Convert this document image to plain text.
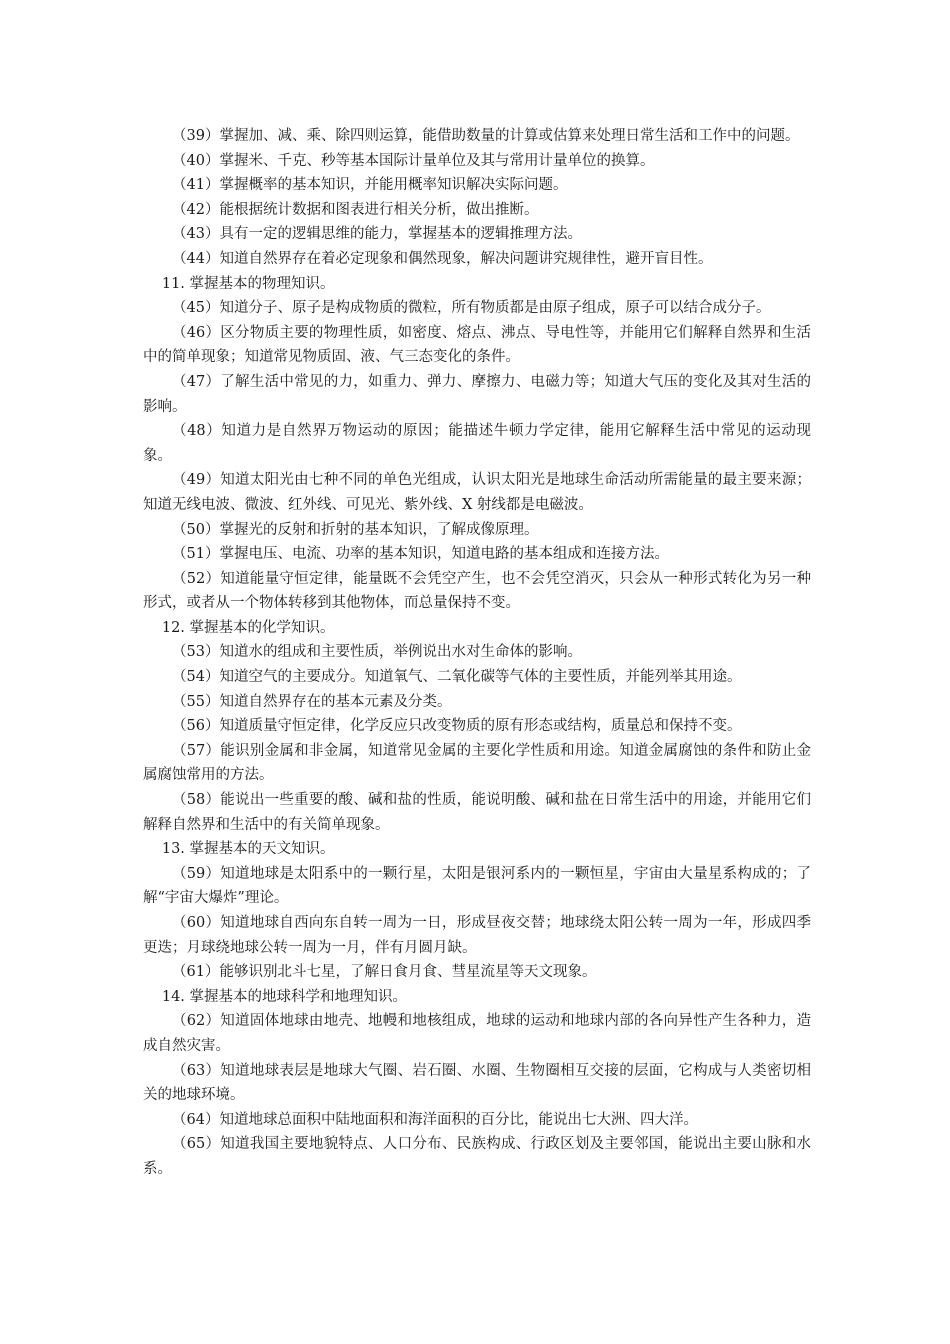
（39）掌握加、减、乘、除四则运算，能借助数量的计算或估算来处理日常生活和工作中的问题。

（40）掌握米、千克、秒等基本国际计量单位及其与常用计量单位的换算。

（41）掌握概率的基本知识，并能用概率知识解决实际问题。

（42）能根据统计数据和图表进行相关分析，做出推断。

（43）具有一定的逻辑思维的能力，掌握基本的逻辑推理方法。

（44）知道自然界存在着必定现象和偶然现象，解决问题讲究规律性，避开盲目性。

11. 掌握基本的物理知识。

（45）知道分子、原子是构成物质的微粒，所有物质都是由原子组成，原子可以结合成分子。

（46）区分物质主要的物理性质，如密度、熔点、沸点、导电性等，并能用它们解释自然界和生活中的简单现象；知道常见物质固、液、气三态变化的条件。

（47）了解生活中常见的力，如重力、弹力、摩擦力、电磁力等；知道大气压的变化及其对生活的影响。

（48）知道力是自然界万物运动的原因；能描述牛顿力学定律，能用它解释生活中常见的运动现象。

（49）知道太阳光由七种不同的单色光组成，认识太阳光是地球生命活动所需能量的最主要来源；知道无线电波、微波、红外线、可见光、紫外线、X 射线都是电磁波。

（50）掌握光的反射和折射的基本知识，了解成像原理。

（51）掌握电压、电流、功率的基本知识，知道电路的基本组成和连接方法。

（52）知道能量守恒定律，能量既不会凭空产生，也不会凭空消灭，只会从一种形式转化为另一种形式，或者从一个物体转移到其他物体，而总量保持不变。

12. 掌握基本的化学知识。

（53）知道水的组成和主要性质，举例说出水对生命体的影响。

（54）知道空气的主要成分。知道氧气、二氧化碳等气体的主要性质，并能列举其用途。

（55）知道自然界存在的基本元素及分类。

（56）知道质量守恒定律，化学反应只改变物质的原有形态或结构，质量总和保持不变。

（57）能识别金属和非金属，知道常见金属的主要化学性质和用途。知道金属腐蚀的条件和防止金属腐蚀常用的方法。

（58）能说出一些重要的酸、碱和盐的性质，能说明酸、碱和盐在日常生活中的用途，并能用它们解释自然界和生活中的有关简单现象。

13. 掌握基本的天文知识。

（59）知道地球是太阳系中的一颗行星，太阳是银河系内的一颗恒星，宇宙由大量星系构成的；了解“宇宙大爆炸”理论。

（60）知道地球自西向东自转一周为一日，形成昼夜交替；地球绕太阳公转一周为一年，形成四季更迭；月球绕地球公转一周为一月，伴有月圆月缺。

（61）能够识别北斗七星，了解日食月食、彗星流星等天文现象。

14. 掌握基本的地球科学和地理知识。

（62）知道固体地球由地壳、地幔和地核组成，地球的运动和地球内部的各向异性产生各种力，造成自然灾害。

（63）知道地球表层是地球大气圈、岩石圈、水圈、生物圈相互交接的层面，它构成与人类密切相关的地球环境。

（64）知道地球总面积中陆地面积和海洋面积的百分比，能说出七大洲、四大洋。

（65）知道我国主要地貌特点、人口分布、民族构成、行政区划及主要邻国，能说出主要山脉和水系。
